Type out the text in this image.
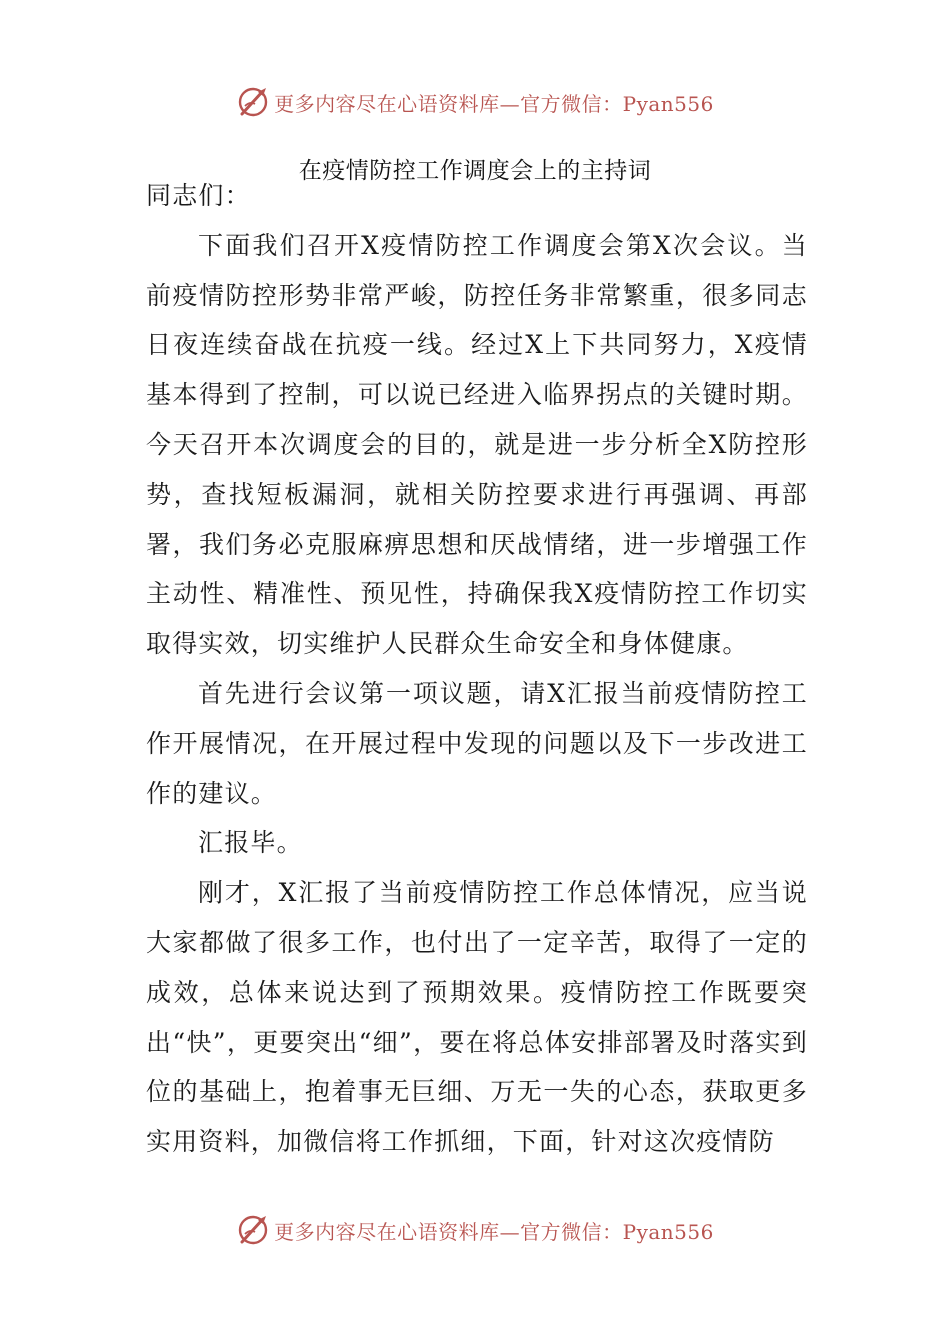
更多内容尽在心语资料库—官方微信：Pyan556
在疫情防控工作调度会上的主持词

同志们：

下面我们召开X疫情防控工作调度会第X次会议。当前疫情防控形势非常严峻，防控任务非常繁重，很多同志日夜连续奋战在抗疫一线。经过X上下共同努力，X疫情基本得到了控制，可以说已经进入临界拐点的关键时期。今天召开本次调度会的目的，就是进一步分析全X防控形势，查找短板漏洞，就相关防控要求进行再强调、再部署，我们务必克服麻痹思想和厌战情绪，进一步增强工作主动性、精准性、预见性，持确保我X疫情防控工作切实取得实效，切实维护人民群众生命安全和身体健康。

首先进行会议第一项议题，请X汇报当前疫情防控工作开展情况，在开展过程中发现的问题以及下一步改进工作的建议。

汇报毕。

刚才，X汇报了当前疫情防控工作总体情况，应当说大家都做了很多工作，也付出了一定辛苦，取得了一定的成效，总体来说达到了预期效果。疫情防控工作既要突出“快”，更要突出“细”，要在将总体安排部署及时落实到位的基础上，抱着事无巨细、万无一失的心态，获取更多实用资料，加微信将工作抓细，下面，针对这次疫情防

更多内容尽在心语资料库—官方微信：Pyan556
